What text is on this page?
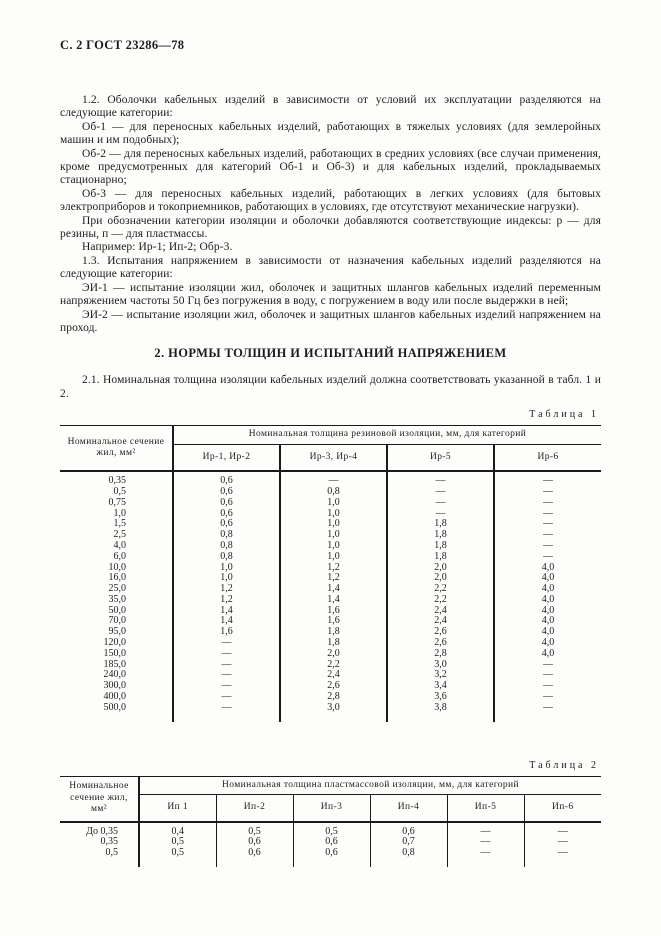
С. 2 ГОСТ 23286—78

1.2. Оболочки кабельных изделий в зависимости от условий их эксплуатации разделяются на следующие категории:

Об-1 — для переносных кабельных изделий, работающих в тяжелых условиях (для землеройных машин и им подобных);

Об-2 — для переносных кабельных изделий, работающих в средних условиях (все случаи применения, кроме предусмотренных для категорий Об-1 и Об-3) и для кабельных изделий, прокладываемых стационарно;

Об-3 — для переносных кабельных изделий, работающих в легких условиях (для бытовых электроприборов и токоприемников, работающих в условиях, где отсутствуют механические нагрузки).

При обозначении категории изоляции и оболочки добавляются соответствующие индексы: р — для резины, п — для пластмассы.

Например: Ир-1; Ип-2; Обр-3.

1.3. Испытания напряжением в зависимости от назначения кабельных изделий разделяются на следующие категории:

ЭИ-1 — испытание изоляции жил, оболочек и защитных шлангов кабельных изделий переменным напряжением частоты 50 Гц без погружения в воду, с погружением в воду или после выдержки в ней;

ЭИ-2 — испытание изоляции жил, оболочек и защитных шлангов кабельных изделий напряжением на проход.

2. НОРМЫ ТОЛЩИН И ИСПЫТАНИЙ НАПРЯЖЕНИЕМ

2.1. Номинальная толщина изоляции кабельных изделий должна соответствовать указанной в табл. 1 и 2.

Таблица 1
Номинальное сечение жил, мм²	Номинальная толщина резиновой изоляции, мм, для категорий			
	Ир-1, Ир-2	Ир-3, Ир-4	Ир-5	Ир-6
0,35	0,6	—	—	—
0,5	0,6	0,8	—	—
0,75	0,6	1,0	—	—
1,0	0,6	1,0	—	—
1,5	0,6	1,0	1,8	—
2,5	0,8	1,0	1,8	—
4,0	0,8	1,0	1,8	—
6,0	0,8	1,0	1,8	—
10,0	1,0	1,2	2,0	4,0
16,0	1,0	1,2	2,0	4,0
25,0	1,2	1,4	2,2	4,0
35,0	1,2	1,4	2,2	4,0
50,0	1,4	1,6	2,4	4,0
70,0	1,4	1,6	2,4	4,0
95,0	1,6	1,8	2,6	4,0
120,0	—	1,8	2,6	4,0
150,0	—	2,0	2,8	4,0
185,0	—	2,2	3,0	—
240,0	—	2,4	3,2	—
300,0	—	2,6	3,4	—
400,0	—	2,8	3,6	—
500,0	—	3,0	3,8	—
Таблица 2
Номинальное сечение жил, мм²	Номинальная толщина пластмассовой изоляции, мм, для категорий					
	Ип 1	Ип-2	Ип-3	Ип-4	Ип-5	Ип-6
До 0,35	0,4	0,5	0,5	0,6	—	—
0,35	0,5	0,6	0,6	0,7	—	—
0,5	0,5	0,6	0,6	0,8	—	—
